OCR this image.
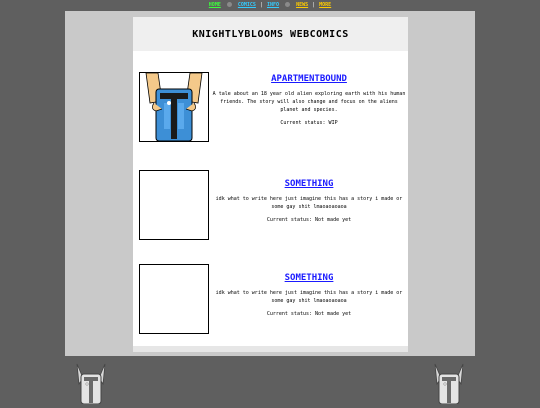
HOME	COMICS | INFO	NEWS | MORE
KNIGHTLYBLOOMS WEBCOMICS
APARTMENTBOUND

A tale about an 18 year old alien exploring earth with his human friends. The story will also change and focus on the aliens planet and species.

Current status: WIP
SOMETHING

idk what to write here just imagine this has a story i made or some gay shit lmaoaoaoaoa

Current status: Not made yet
SOMETHING

idk what to write here just imagine this has a story i made or some gay shit lmaoaoaoaoa

Current status: Not made yet
